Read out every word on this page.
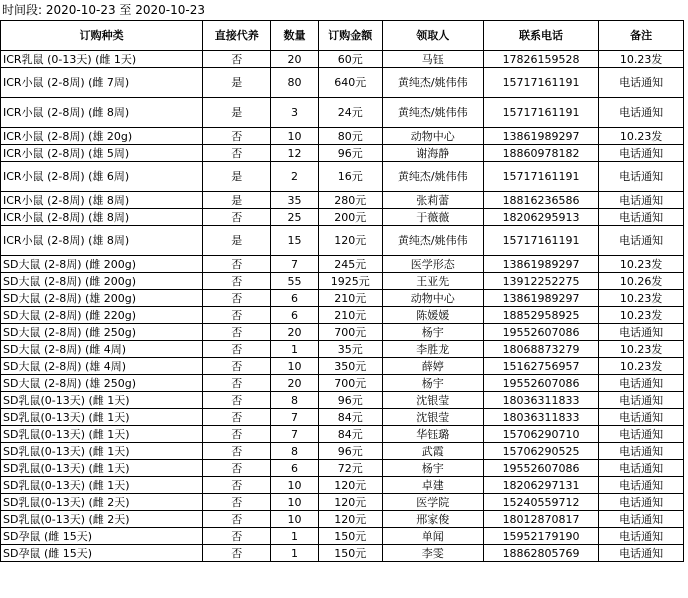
时间段: 2020-10-23 至 2020-10-23
订购种类	直接代养	数量	订购金额	领取人	联系电话	备注
ICR乳鼠 (0-13天) (雌 1天)	否	20	60元	马钰	17826159528	10.23发
ICR小鼠 (2-8周) (雌 7周)	是	80	640元	黄纯杰/姚伟伟	15717161191	电话通知
ICR小鼠 (2-8周) (雌 8周)	是	3	24元	黄纯杰/姚伟伟	15717161191	电话通知
ICR小鼠 (2-8周) (雄 20g)	否	10	80元	动物中心	13861989297	10.23发
ICR小鼠 (2-8周) (雄 5周)	否	12	96元	谢海静	18860978182	电话通知
ICR小鼠 (2-8周) (雄 6周)	是	2	16元	黄纯杰/姚伟伟	15717161191	电话通知
ICR小鼠 (2-8周) (雄 8周)	是	35	280元	张莉蕾	18816236586	电话通知
ICR小鼠 (2-8周) (雄 8周)	否	25	200元	于薇薇	18206295913	电话通知
ICR小鼠 (2-8周) (雄 8周)	是	15	120元	黄纯杰/姚伟伟	15717161191	电话通知
SD大鼠 (2-8周) (雌 200g)	否	7	245元	医学形态	13861989297	10.23发
SD大鼠 (2-8周) (雌 200g)	否	55	1925元	王亚先	13912252275	10.26发
SD大鼠 (2-8周) (雄 200g)	否	6	210元	动物中心	13861989297	10.23发
SD大鼠 (2-8周) (雌 220g)	否	6	210元	陈媛媛	18852958925	10.23发
SD大鼠 (2-8周) (雌 250g)	否	20	700元	杨宇	19552607086	电话通知
SD大鼠 (2-8周) (雌 4周)	否	1	35元	李胜龙	18068873279	10.23发
SD大鼠 (2-8周) (雄 4周)	否	10	350元	薛婷	15162756957	10.23发
SD大鼠 (2-8周) (雄 250g)	否	20	700元	杨宇	19552607086	电话通知
SD乳鼠(0-13天) (雌 1天)	否	8	96元	沈银莹	18036311833	电话通知
SD乳鼠(0-13天) (雌 1天)	否	7	84元	沈银莹	18036311833	电话通知
SD乳鼠(0-13天) (雌 1天)	否	7	84元	华钰璐	15706290710	电话通知
SD乳鼠(0-13天) (雌 1天)	否	8	96元	武霞	15706290525	电话通知
SD乳鼠(0-13天) (雌 1天)	否	6	72元	杨宇	19552607086	电话通知
SD乳鼠(0-13天) (雌 1天)	否	10	120元	卓建	18206297131	电话通知
SD乳鼠(0-13天) (雌 2天)	否	10	120元	医学院	15240559712	电话通知
SD乳鼠(0-13天) (雌 2天)	否	10	120元	邢家俊	18012870817	电话通知
SD孕鼠 (雌 15天)	否	1	150元	单闻	15952179190	电话通知
SD孕鼠 (雌 15天)	否	1	150元	李雯	18862805769	电话通知
